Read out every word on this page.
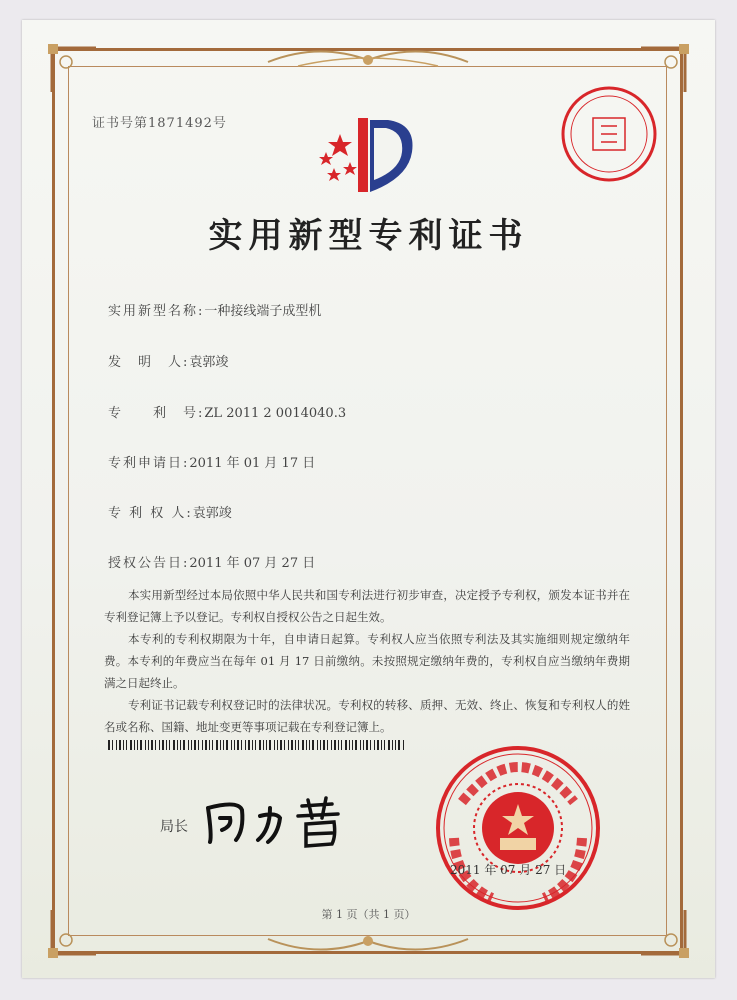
证书号第1871492号
实用新型专利证书
实用新型名称:一种接线端子成型机
发　明　人:袁郭竣
专　　利　号:ZL 2011 2 0014040.3
专利申请日:2011 年 01 月 17 日
专 利 权 人:袁郭竣
授权公告日:2011 年 07 月 27 日

本实用新型经过本局依照中华人民共和国专利法进行初步审查，决定授予专利权，颁发本证书并在专利登记簿上予以登记。专利权自授权公告之日起生效。

本专利的专利权期限为十年，自申请日起算。专利权人应当依照专利法及其实施细则规定缴纳年费。本专利的年费应当在每年 01 月 17 日前缴纳。未按照规定缴纳年费的，专利权自应当缴纳年费期满之日起终止。

专利证书记载专利权登记时的法律状况。专利权的转移、质押、无效、终止、恢复和专利权人的姓名或名称、国籍、地址变更等事项记载在专利登记簿上。

局长
2011 年 07 月 27 日
第 1 页（共 1 页）
